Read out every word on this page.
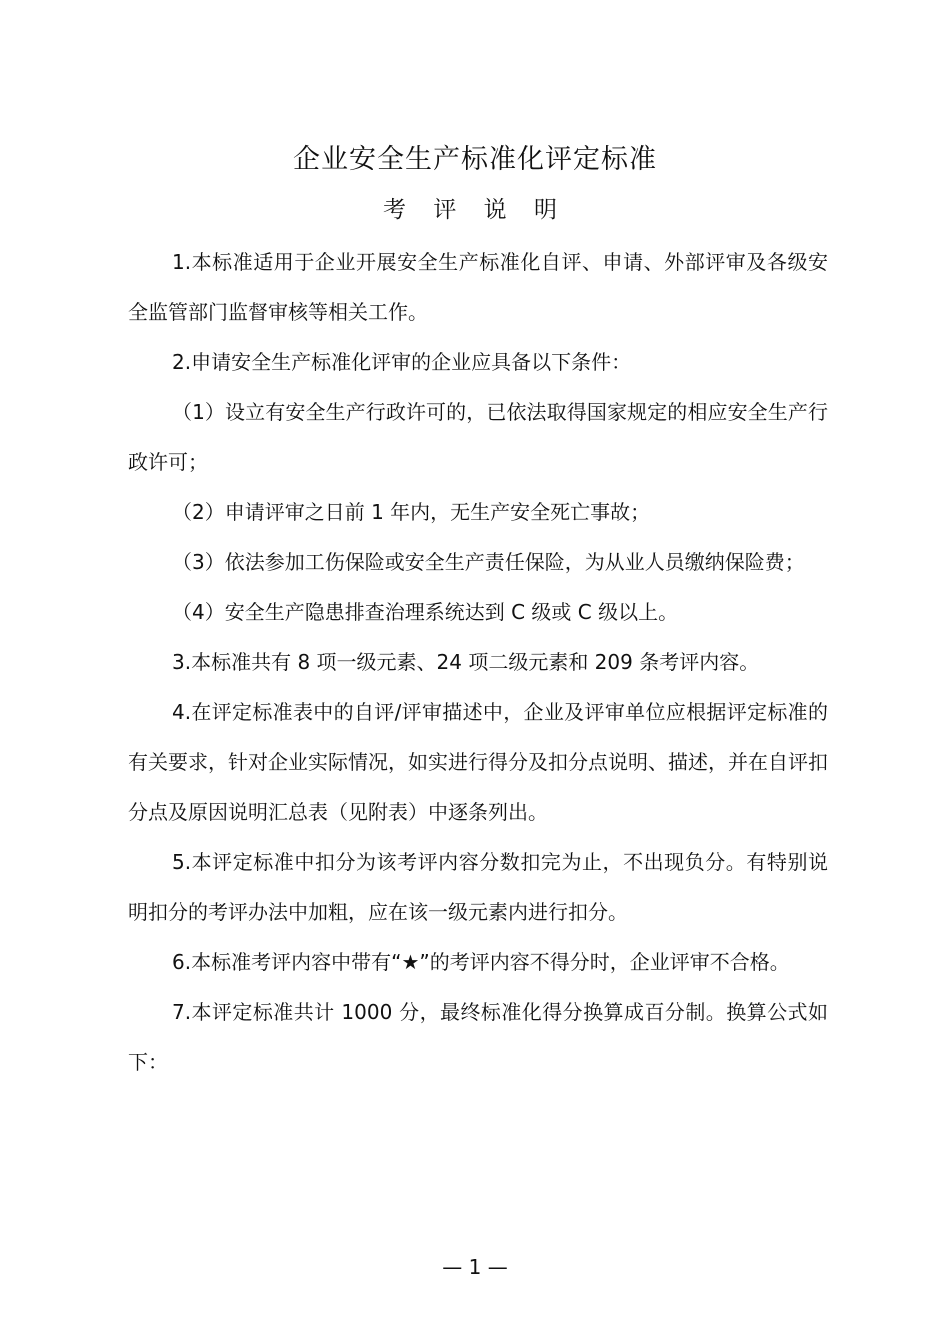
企业安全生产标准化评定标准
考 评 说 明

1.本标准适用于企业开展安全生产标准化自评、申请、外部评审及各级安全监管部门监督审核等相关工作。

2.申请安全生产标准化评审的企业应具备以下条件：

（1）设立有安全生产行政许可的，已依法取得国家规定的相应安全生产行政许可；

（2）申请评审之日前 1 年内，无生产安全死亡事故；

（3）依法参加工伤保险或安全生产责任保险，为从业人员缴纳保险费；

（4）安全生产隐患排查治理系统达到 C 级或 C 级以上。

3.本标准共有 8 项一级元素、24 项二级元素和 209 条考评内容。

4.在评定标准表中的自评/评审描述中，企业及评审单位应根据评定标准的有关要求，针对企业实际情况，如实进行得分及扣分点说明、描述，并在自评扣分点及原因说明汇总表（见附表）中逐条列出。

5.本评定标准中扣分为该考评内容分数扣完为止，不出现负分。有特别说明扣分的考评办法中加粗，应在该一级元素内进行扣分。

6.本标准考评内容中带有“★”的考评内容不得分时，企业评审不合格。

7.本评定标准共计 1000 分，最终标准化得分换算成百分制。换算公式如下：

— 1 —
